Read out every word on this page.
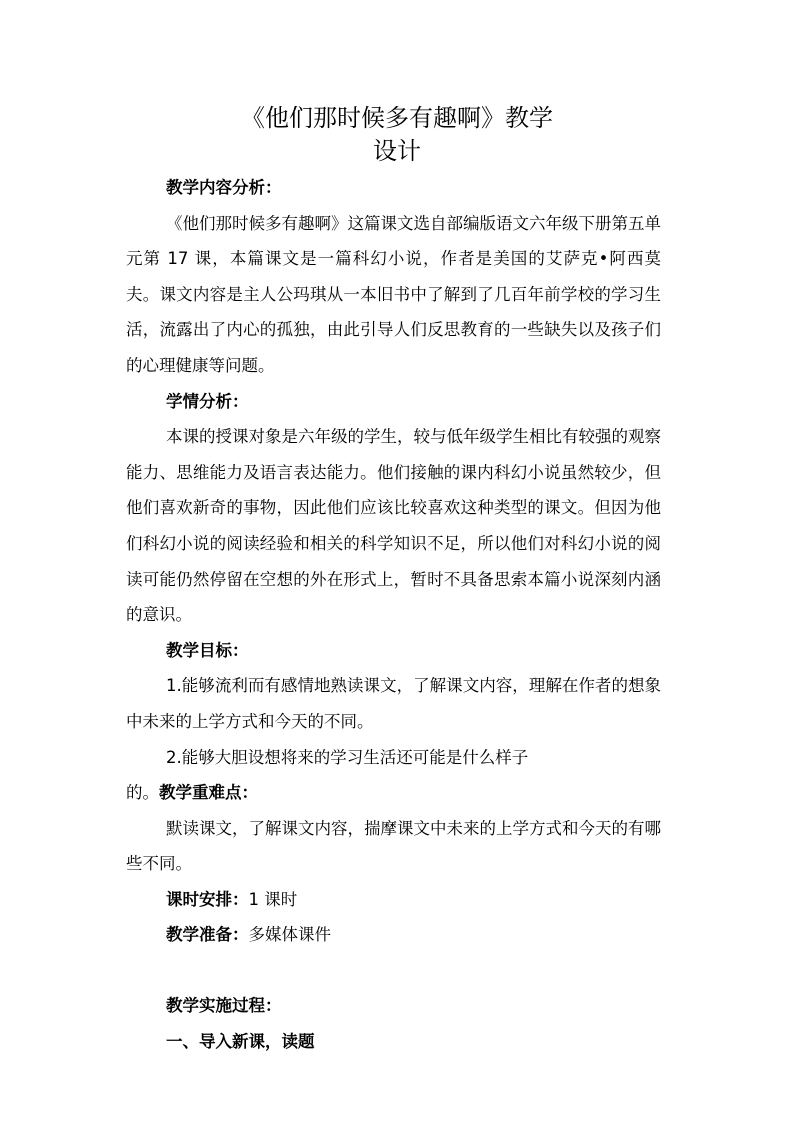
《他们那时候多有趣啊》教学
设计

教学内容分析：

《他们那时候多有趣啊》这篇课文选自部编版语文六年级下册第五单元第 17 课，本篇课文是一篇科幻小说，作者是美国的艾萨克•阿西莫夫。课文内容是主人公玛琪从一本旧书中了解到了几百年前学校的学习生活，流露出了内心的孤独，由此引导人们反思教育的一些缺失以及孩子们的心理健康等问题。

学情分析：

本课的授课对象是六年级的学生，较与低年级学生相比有较强的观察能力、思维能力及语言表达能力。他们接触的课内科幻小说虽然较少，但他们喜欢新奇的事物，因此他们应该比较喜欢这种类型的课文。但因为他们科幻小说的阅读经验和相关的科学知识不足，所以他们对科幻小说的阅读可能仍然停留在空想的外在形式上，暂时不具备思索本篇小说深刻内涵的意识。

教学目标：

1.能够流利而有感情地熟读课文，了解课文内容，理解在作者的想象中未来的上学方式和今天的不同。

2.能够大胆设想将来的学习生活还可能是什么样子

的。教学重难点：

默读课文，了解课文内容，揣摩课文中未来的上学方式和今天的有哪些不同。

课时安排：1 课时

教学准备：多媒体课件

教学实施过程：

一、导入新课，读题
